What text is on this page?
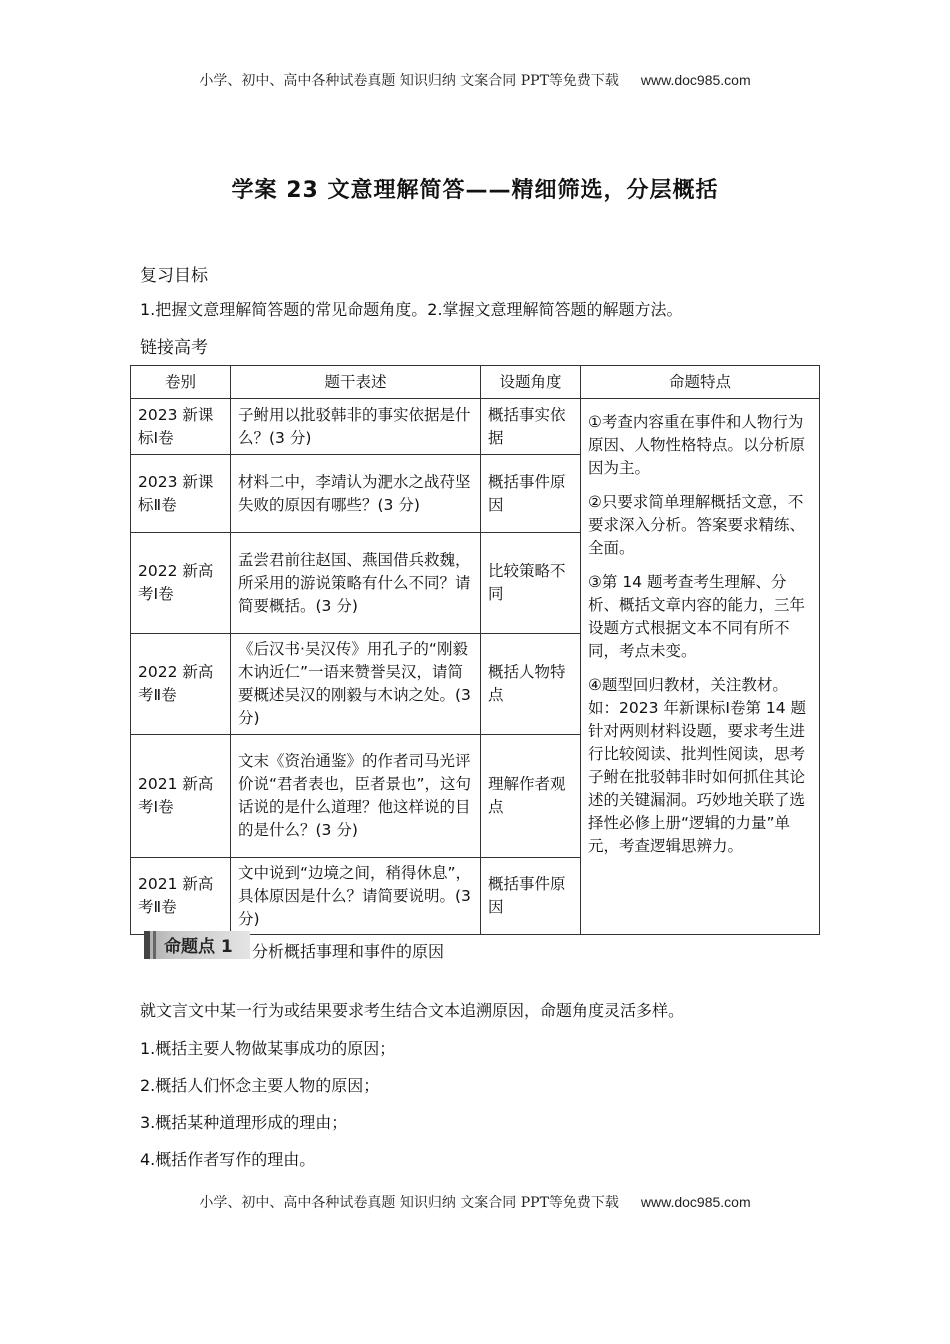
小学、初中、高中各种试卷真题 知识归纳 文案合同 PPT等免费下载 www.doc985.com
学案 23 文意理解简答——精细筛选，分层概括
复习目标
1.把握文意理解简答题的常见命题角度。2.掌握文意理解简答题的解题方法。
链接高考
卷别	题干表述	设题角度	命题特点
2023 新课标Ⅰ卷	子鲋用以批驳韩非的事实依据是什么？(3 分)	概括事实依据	①考查内容重在事件和人物行为原因、人物性格特点。以分析原因为主。

②只要求简单理解概括文意，不要求深入分析。答案要求精练、全面。

③第 14 题考查考生理解、分析、概括文章内容的能力，三年设题方式根据文本不同有所不同，考点未变。

④题型回归教材，关注教材。如：2023 年新课标Ⅰ卷第 14 题针对两则材料设题，要求考生进行比较阅读、批判性阅读，思考子鲋在批驳韩非时如何抓住其论述的关键漏洞。巧妙地关联了选择性必修上册“逻辑的力量”单元，考查逻辑思辨力。

2023 新课标Ⅱ卷	材料二中，李靖认为淝水之战苻坚失败的原因有哪些？(3 分)	概括事件原因	
2022 新高考Ⅰ卷	孟尝君前往赵国、燕国借兵救魏，所采用的游说策略有什么不同？请简要概括。(3 分)	比较策略不同	
2022 新高考Ⅱ卷	《后汉书·吴汉传》用孔子的“刚毅木讷近仁”一语来赞誉吴汉，请简要概述吴汉的刚毅与木讷之处。(3 分)	概括人物特点	
2021 新高考Ⅰ卷	文末《资治通鉴》的作者司马光评价说“君者表也，臣者景也”，这句话说的是什么道理？他这样说的目的是什么？(3 分)	理解作者观点	
2021 新高考Ⅱ卷	文中说到“边境之间，稍得休息”，具体原因是什么？请简要说明。(3 分)	概括事件原因	
命题点 1 分析概括事理和事件的原因
就文言文中某一行为或结果要求考生结合文本追溯原因，命题角度灵活多样。
1.概括主要人物做某事成功的原因；
2.概括人们怀念主要人物的原因；
3.概括某种道理形成的理由；
4.概括作者写作的理由。
小学、初中、高中各种试卷真题 知识归纳 文案合同 PPT等免费下载 www.doc985.com
